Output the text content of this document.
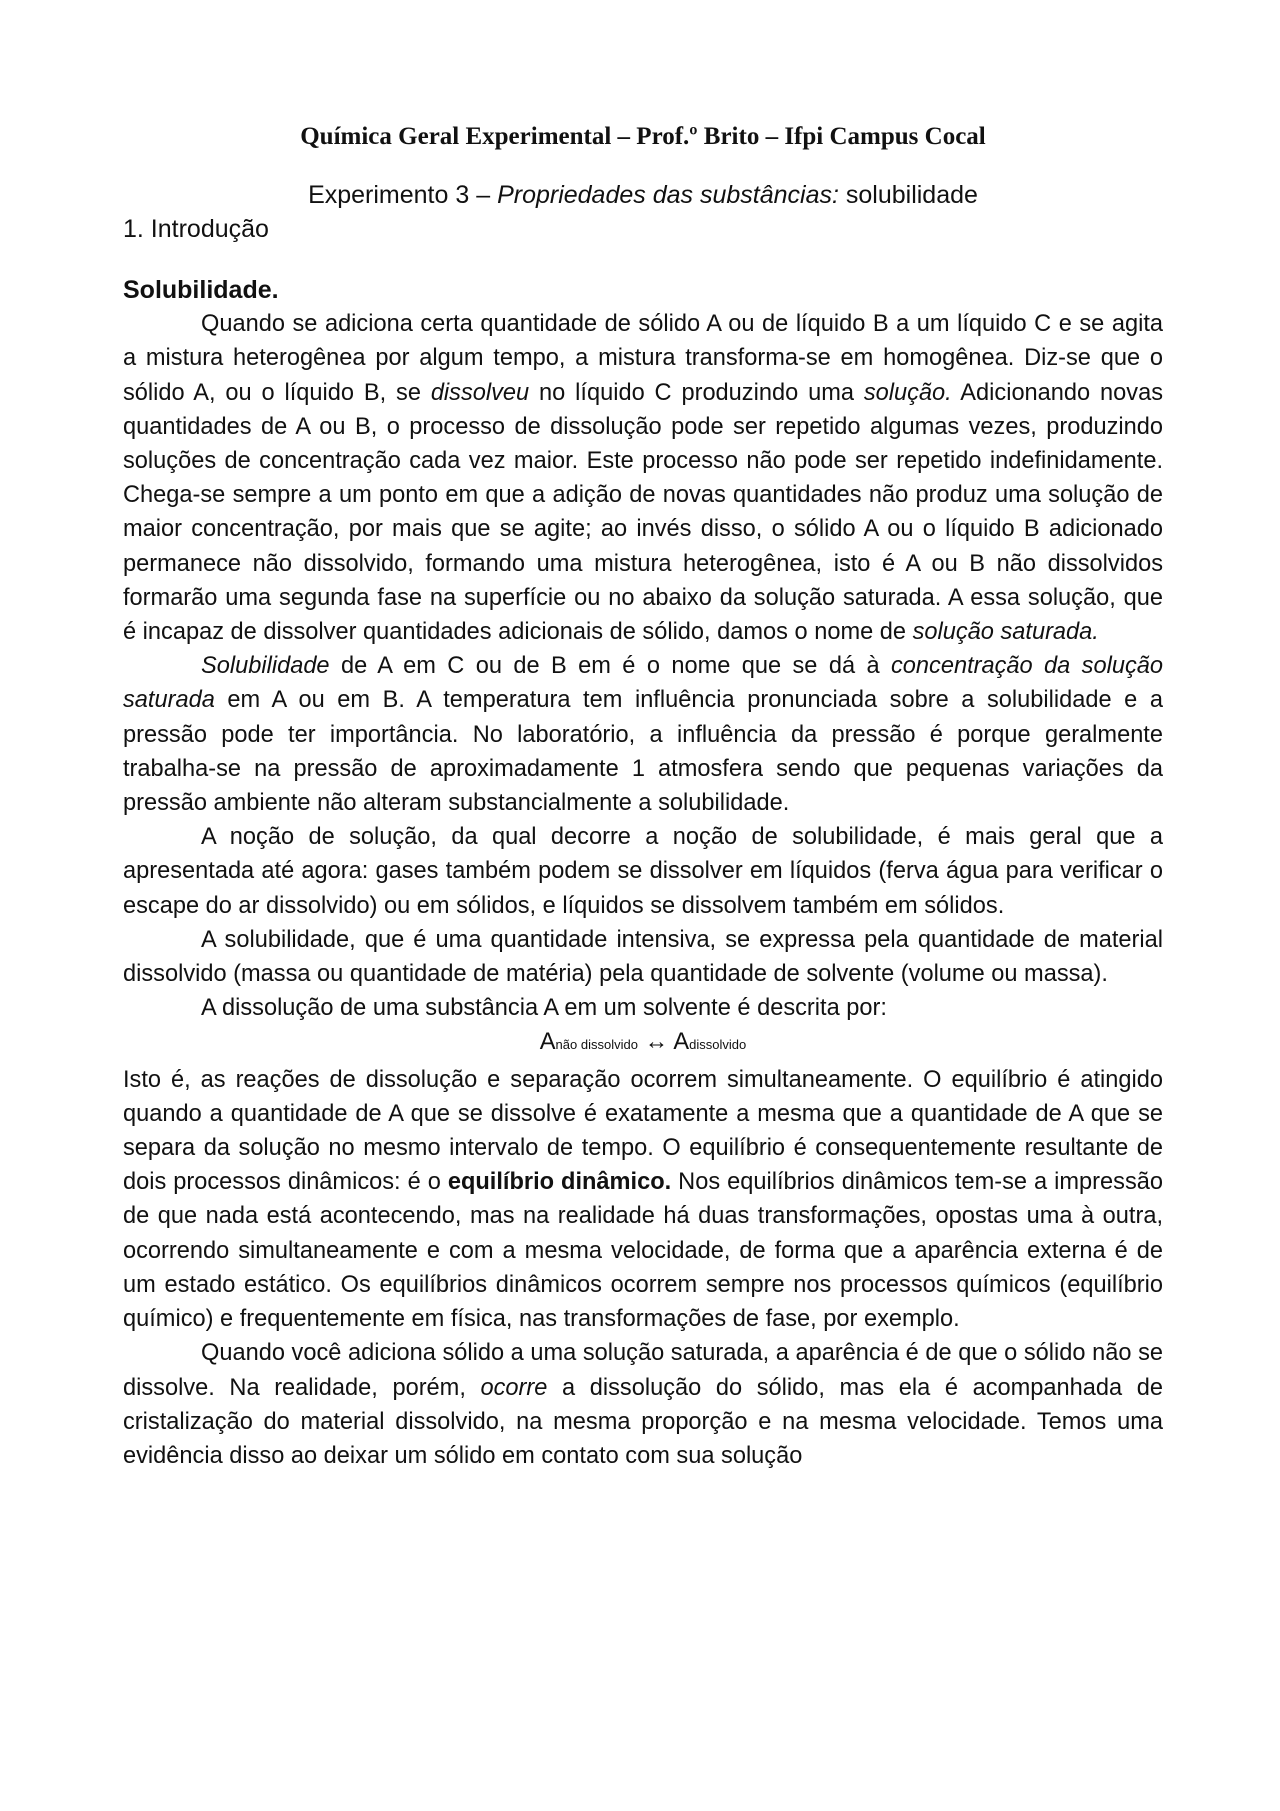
Química Geral Experimental – Prof.º Brito – Ifpi Campus Cocal
Experimento 3 – Propriedades das substâncias: solubilidade
1. Introdução
Solubilidade.

Quando se adiciona certa quantidade de sólido A ou de líquido B a um líquido C e se agita a mistura heterogênea por algum tempo, a mistura transforma-se em homogênea. Diz-se que o sólido A, ou o líquido B, se dissolveu no líquido C produzindo uma solução. Adicionando novas quantidades de A ou B, o processo de dissolução pode ser repetido algumas vezes, produzindo soluções de concentração cada vez maior. Este processo não pode ser repetido indefinidamente. Chega-se sempre a um ponto em que a adição de novas quantidades não produz uma solução de maior concentração, por mais que se agite; ao invés disso, o sólido A ou o líquido B adicionado permanece não dissolvido, formando uma mistura heterogênea, isto é A ou B não dissolvidos formarão uma segunda fase na superfície ou no abaixo da solução saturada. A essa solução, que é incapaz de dissolver quantidades adicionais de sólido, damos o nome de solução saturada.

Solubilidade de A em C ou de B em é o nome que se dá à concentração da solução saturada em A ou em B. A temperatura tem influência pronunciada sobre a solubilidade e a pressão pode ter importância. No laboratório, a influência da pressão é porque geralmente trabalha-se na pressão de aproximadamente 1 atmosfera sendo que pequenas variações da pressão ambiente não alteram substancialmente a solubilidade.

A noção de solução, da qual decorre a noção de solubilidade, é mais geral que a apresentada até agora: gases também podem se dissolver em líquidos (ferva água para verificar o escape do ar dissolvido) ou em sólidos, e líquidos se dissolvem também em sólidos.

A solubilidade, que é uma quantidade intensiva, se expressa pela quantidade de material dissolvido (massa ou quantidade de matéria) pela quantidade de solvente (volume ou massa).

A dissolução de uma substância A em um solvente é descrita por:

Anão dissolvido ↔ Adissolvido

Isto é, as reações de dissolução e separação ocorrem simultaneamente. O equilíbrio é atingido quando a quantidade de A que se dissolve é exatamente a mesma que a quantidade de A que se separa da solução no mesmo intervalo de tempo. O equilíbrio é consequentemente resultante de dois processos dinâmicos: é o equilíbrio dinâmico. Nos equilíbrios dinâmicos tem-se a impressão de que nada está acontecendo, mas na realidade há duas transformações, opostas uma à outra, ocorrendo simultaneamente e com a mesma velocidade, de forma que a aparência externa é de um estado estático. Os equilíbrios dinâmicos ocorrem sempre nos processos químicos (equilíbrio químico) e frequentemente em física, nas transformações de fase, por exemplo.

Quando você adiciona sólido a uma solução saturada, a aparência é de que o sólido não se dissolve. Na realidade, porém, ocorre a dissolução do sólido, mas ela é acompanhada de cristalização do material dissolvido, na mesma proporção e na mesma velocidade. Temos uma evidência disso ao deixar um sólido em contato com sua solução
